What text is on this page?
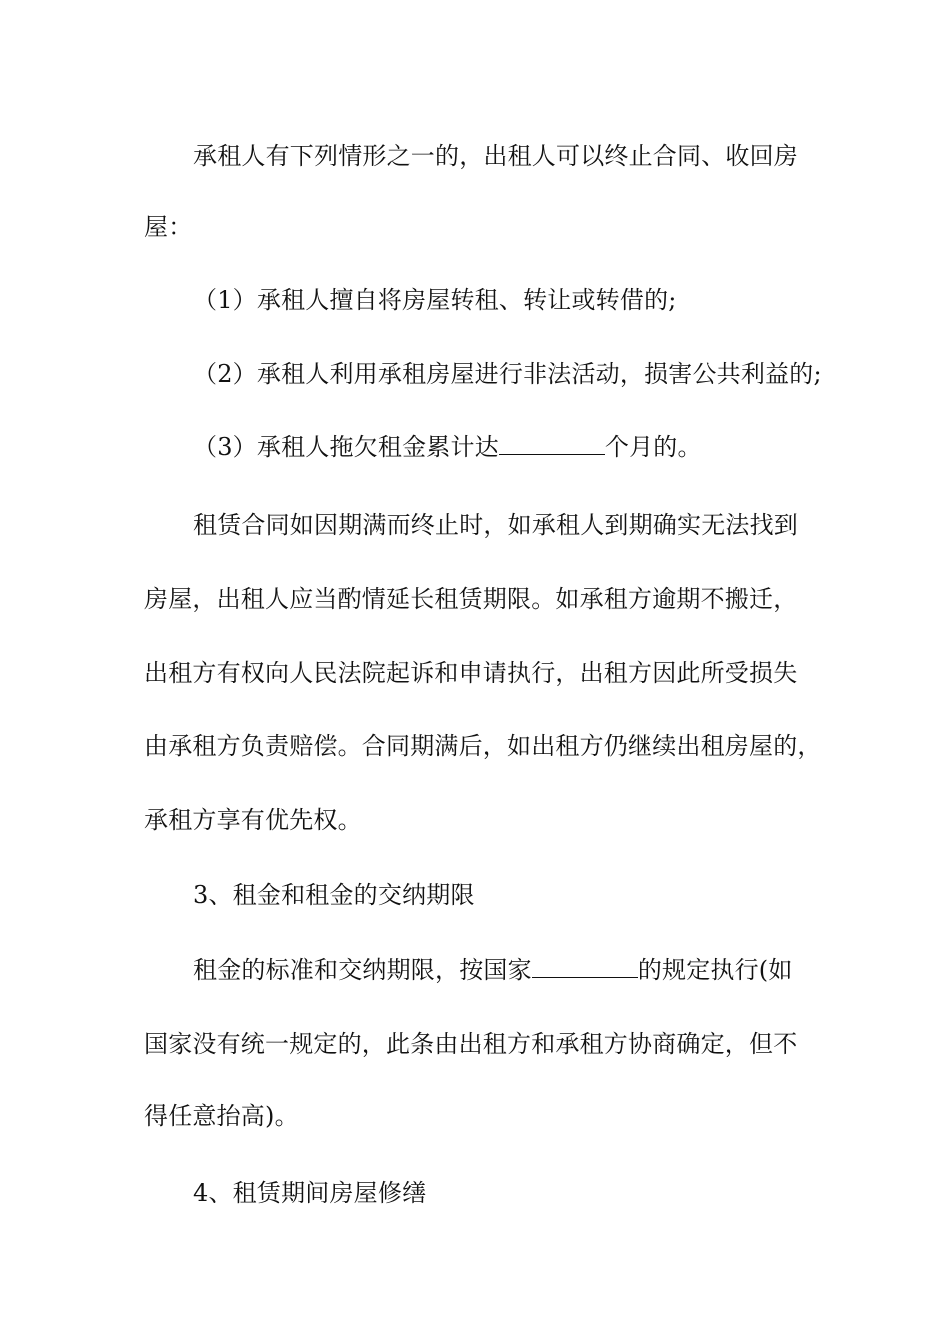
承租人有下列情形之一的，出租人可以终止合同、收回房
屋：
（1）承租人擅自将房屋转租、转让或转借的;
（2）承租人利用承租房屋进行非法活动，损害公共利益的;
（3）承租人拖欠租金累计达	个月的。
租赁合同如因期满而终止时，如承租人到期确实无法找到
房屋，出租人应当酌情延长租赁期限。如承租方逾期不搬迁，
出租方有权向人民法院起诉和申请执行，出租方因此所受损失
由承租方负责赔偿。合同期满后，如出租方仍继续出租房屋的，
承租方享有优先权。
3、租金和租金的交纳期限
租金的标准和交纳期限，按国家	的规定执行(如
国家没有统一规定的，此条由出租方和承租方协商确定，但不
得任意抬高)。
4、租赁期间房屋修缮
